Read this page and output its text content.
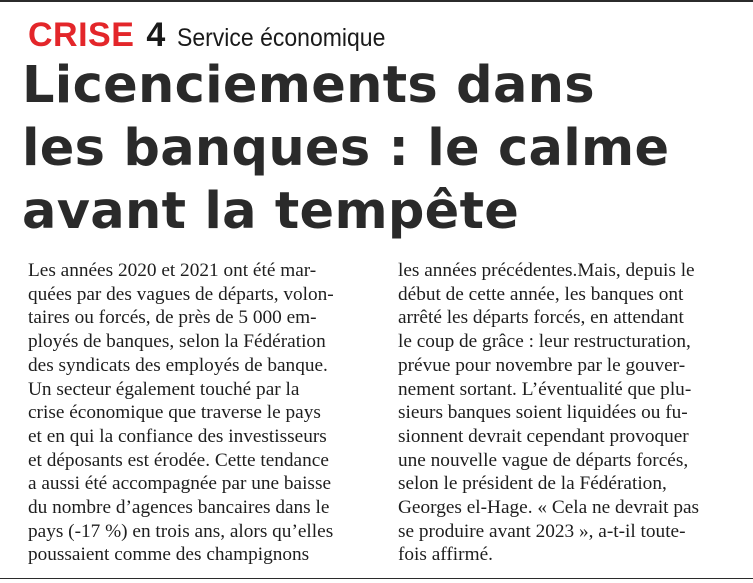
CRISE 4 Service économique
Licenciements dans
les banques : le calme
avant la tempête
Les années 2020 et 2021 ont été mar-
quées par des vagues de départs, volon-
taires ou forcés, de près de 5 000 em-
ployés de banques, selon la Fédération
des syndicats des employés de banque.
Un secteur également touché par la
crise économique que traverse le pays
et en qui la confiance des investisseurs
et déposants est érodée. Cette tendance
a aussi été accompagnée par une baisse
du nombre d’agences bancaires dans le
pays (-17 %) en trois ans, alors qu’elles
poussaient comme des champignons
les années précédentes.Mais, depuis le
début de cette année, les banques ont
arrêté les départs forcés, en attendant
le coup de grâce : leur restructuration,
prévue pour novembre par le gouver-
nement sortant. L’éventualité que plu-
sieurs banques soient liquidées ou fu-
sionnent devrait cependant provoquer
une nouvelle vague de départs forcés,
selon le président de la Fédération,
Georges el-Hage. « Cela ne devrait pas
se produire avant 2023 », a-t-il toute-
fois affirmé.
